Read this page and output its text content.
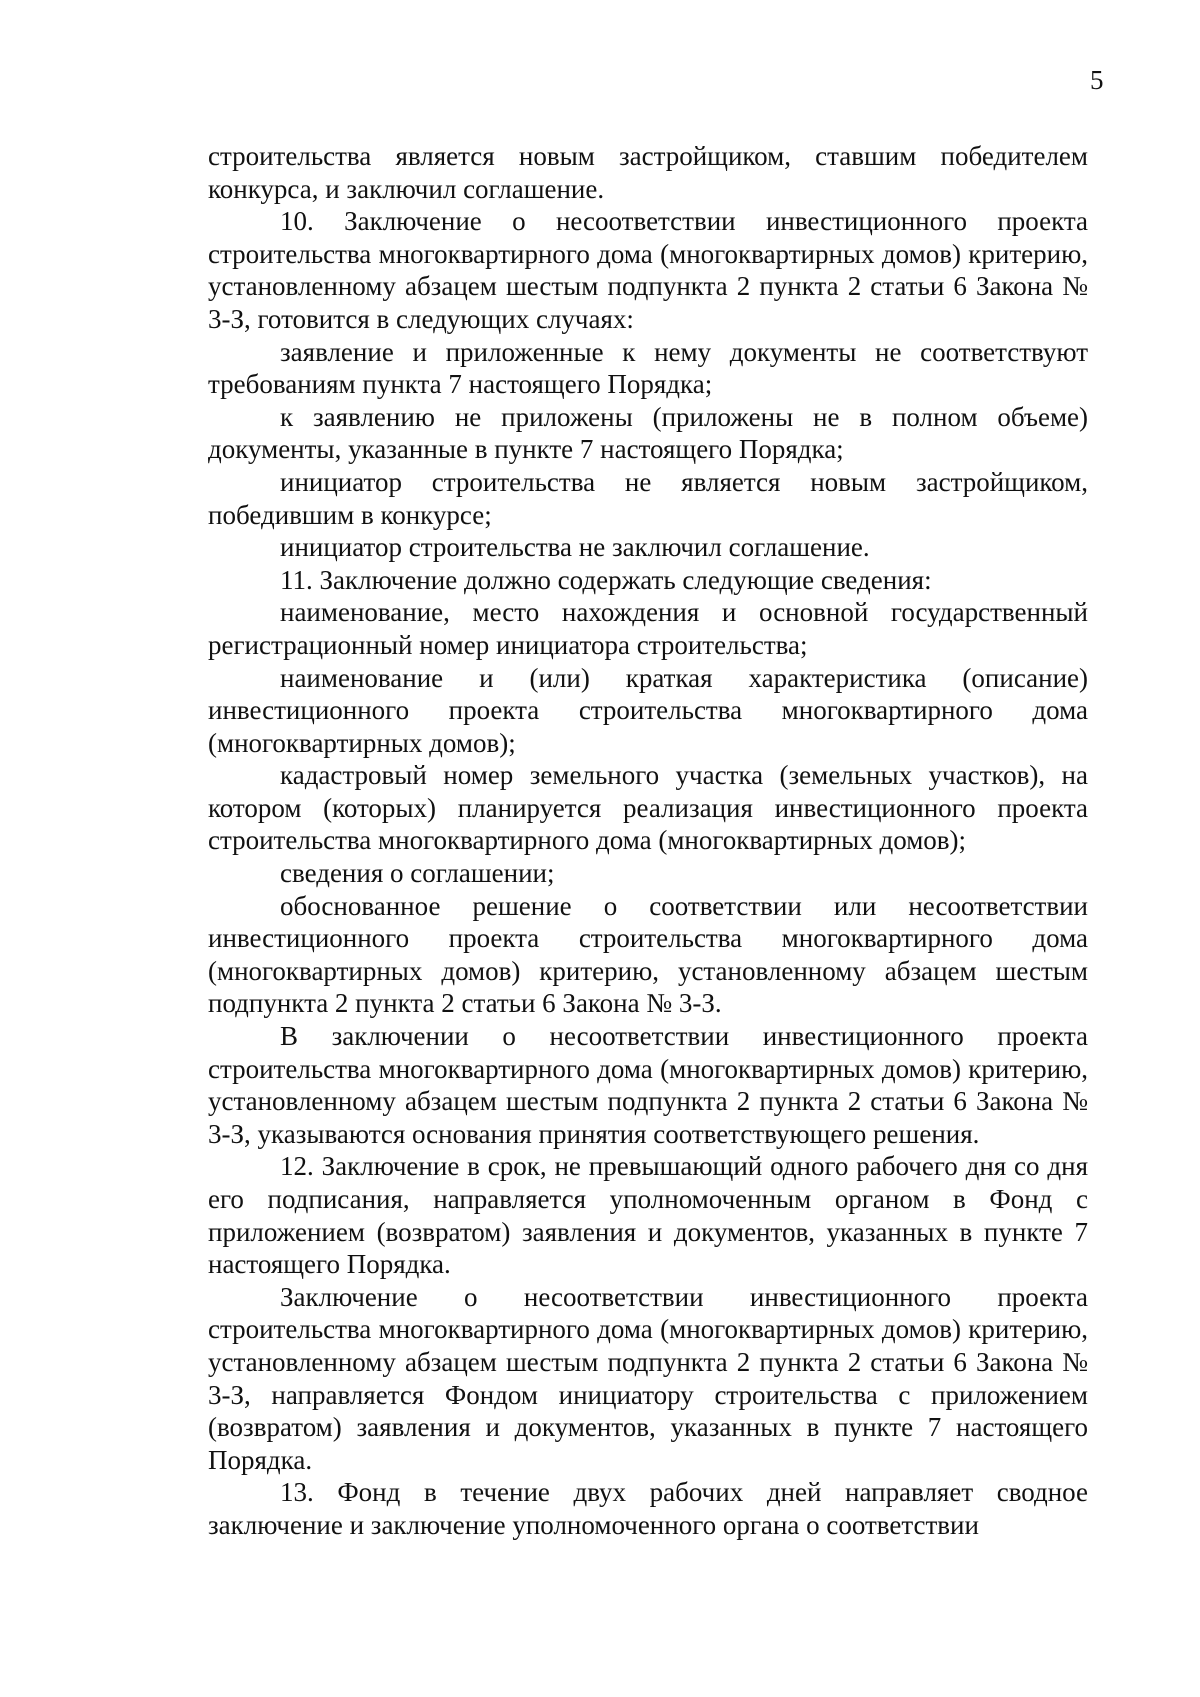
5

строительства является новым застройщиком, ставшим победителем конкурса, и заключил соглашение.

10. Заключение о несоответствии инвестиционного проекта строительства многоквартирного дома (многоквартирных домов) критерию, установленному абзацем шестым подпункта 2 пункта 2 статьи 6 Закона № 3-З, готовится в следующих случаях:

заявление и приложенные к нему документы не соответствуют требованиям пункта 7 настоящего Порядка;

к заявлению не приложены (приложены не в полном объеме) документы, указанные в пункте 7 настоящего Порядка;

инициатор строительства не является новым застройщиком, победившим в конкурсе;

инициатор строительства не заключил соглашение.

11. Заключение должно содержать следующие сведения:

наименование, место нахождения и основной государственный регистрационный номер инициатора строительства;

наименование и (или) краткая характеристика (описание) инвестиционного проекта строительства многоквартирного дома (многоквартирных домов);

кадастровый номер земельного участка (земельных участков), на котором (которых) планируется реализация инвестиционного проекта строительства многоквартирного дома (многоквартирных домов);

сведения о соглашении;

обоснованное решение о соответствии или несоответствии инвестиционного проекта строительства многоквартирного дома (многоквартирных домов) критерию, установленному абзацем шестым подпункта 2 пункта 2 статьи 6 Закона № 3-З.

В заключении о несоответствии инвестиционного проекта строительства многоквартирного дома (многоквартирных домов) критерию, установленному абзацем шестым подпункта 2 пункта 2 статьи 6 Закона № 3-З, указываются основания принятия соответствующего решения.

12. Заключение в срок, не превышающий одного рабочего дня со дня его подписания, направляется уполномоченным органом в Фонд с приложением (возвратом) заявления и документов, указанных в пункте 7 настоящего Порядка.

Заключение о несоответствии инвестиционного проекта строительства многоквартирного дома (многоквартирных домов) критерию, установленному абзацем шестым подпункта 2 пункта 2 статьи 6 Закона № 3-З, направляется Фондом инициатору строительства с приложением (возвратом) заявления и документов, указанных в пункте 7 настоящего Порядка.

13. Фонд в течение двух рабочих дней направляет сводное заключение и заключение уполномоченного органа о соответствии
